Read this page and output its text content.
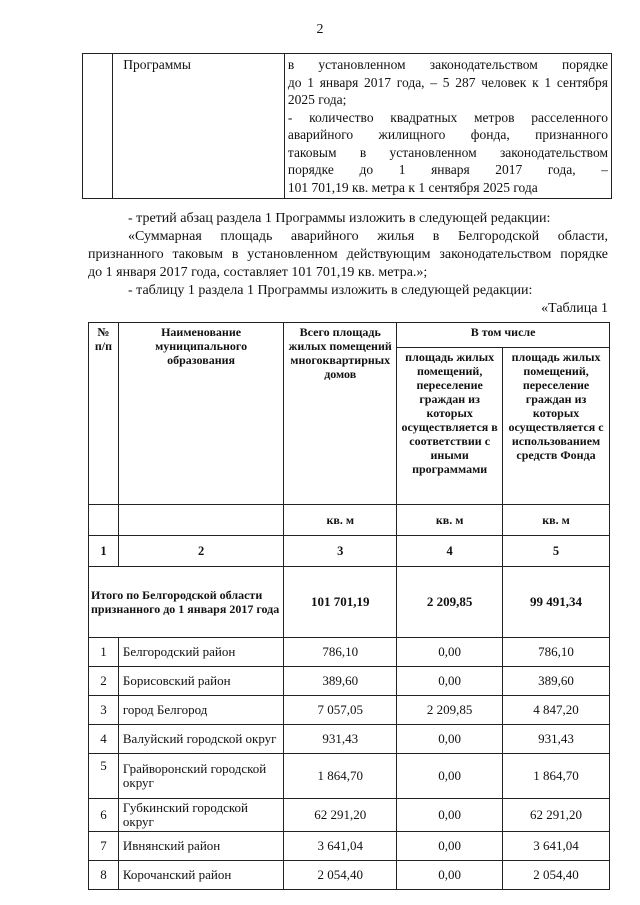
2
	Программы	в установленном законодательством порядке
до 1 января 2017 года, – 5 287 человек к 1 сентября
2025 года;
- количество квадратных метров расселенного
аварийного жилищного фонда, признанного
таковым в установленном законодательством
порядке до 1 января 2017 года, –
101 701,19 кв. метра к 1 сентября 2025 года
- третий абзац раздела 1 Программы изложить в следующей редакции:
«Суммарная площадь аварийного жилья в Белгородской области,
признанного таковым в установленном действующим законодательством порядке
до 1 января 2017 года, составляет 101 701,19 кв. метра.»;
- таблицу 1 раздела 1 Программы изложить в следующей редакции:
«Таблица 1
№ п/п	Наименование муниципального образования	Всего площадь жилых помещений многоквартирных домов	В том числе	
			площадь жилых помещений, переселение граждан из которых осуществляется в соответствии с иными программами	площадь жилых помещений, переселение граждан из которых осуществляется с использованием средств Фонда
		кв. м	кв. м	кв. м
1	2	3	4	5
Итого по Белгородской области признанного до 1 января 2017 года		101 701,19	2 209,85	99 491,34
1	Белгородский район	786,10	0,00	786,10
2	Борисовский район	389,60	0,00	389,60
3	город Белгород	7 057,05	2 209,85	4 847,20
4	Валуйский городской округ	931,43	0,00	931,43
5	Грайворонский городской округ	1 864,70	0,00	1 864,70
6	Губкинский городской округ	62 291,20	0,00	62 291,20
7	Ивнянский район	3 641,04	0,00	3 641,04
8	Корочанский район	2 054,40	0,00	2 054,40
